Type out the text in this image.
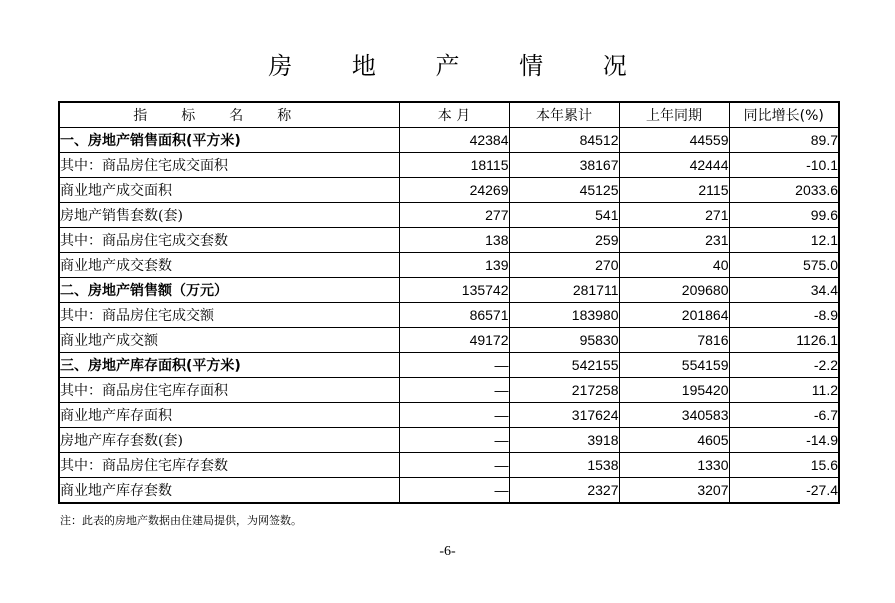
房 地 产 情 况
指标名称	本 月	本年累计	上年同期	同比增长(%)
一、房地产销售面积(平方米)	42384	84512	44559	89.7
其中：商品房住宅成交面积	18115	38167	42444	-10.1
商业地产成交面积	24269	45125	2115	2033.6
房地产销售套数(套)	277	541	271	99.6
其中：商品房住宅成交套数	138	259	231	12.1
商业地产成交套数	139	270	40	575.0
二、房地产销售额（万元）	135742	281711	209680	34.4
其中：商品房住宅成交额	86571	183980	201864	-8.9
商业地产成交额	49172	95830	7816	1126.1
三、房地产库存面积(平方米)	—	542155	554159	-2.2
其中：商品房住宅库存面积	—	217258	195420	11.2
商业地产库存面积	—	317624	340583	-6.7
房地产库存套数(套)	—	3918	4605	-14.9
其中：商品房住宅库存套数	—	1538	1330	15.6
商业地产库存套数	—	2327	3207	-27.4
注：此表的房地产数据由住建局提供，为网签数。
-6-
